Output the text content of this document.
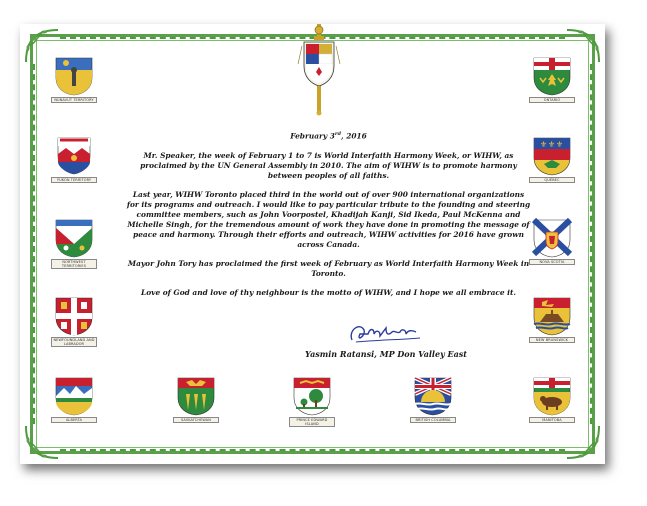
NUNAVUT TERRITORY
YUKON TERRITORY
NORTHWEST TERRITORIES
NEWFOUNDLAND AND LABRADOR
ALBERTA
ONTARIO
⚜ ⚜ ⚜
QUÉBEC
NOVA SCOTIA
NEW BRUNSWICK
MANITOBA
SASKATCHEWAN	PRINCE EDWARD ISLAND
BRITISH COLUMBIA

February 3rd, 2016

Mr. Speaker, the week of February 1 to 7 is World Interfaith Harmony Week, or WIHW, as proclaimed by the UN General Assembly in 2010. The aim of WIHW is to promote harmony between peoples of all faiths.

Last year, WIHW Toronto placed third in the world out of over 900 international organizations for its programs and outreach. I would like to pay particular tribute to the founding and steering committee members, such as John Voorpostel, Khadijah Kanji, Sid Ikeda, Paul McKenna and Michelle Singh, for the tremendous amount of work they have done in promoting the message of peace and harmony. Through their efforts and outreach, WIHW activities for 2016 have grown across Canada.

Mayor John Tory has proclaimed the first week of February as World Interfaith Harmony Week in Toronto.

Love of God and love of thy neighbour is the motto of WIHW, and I hope we all embrace it.

Yasmin Ratansi, MP Don Valley East
